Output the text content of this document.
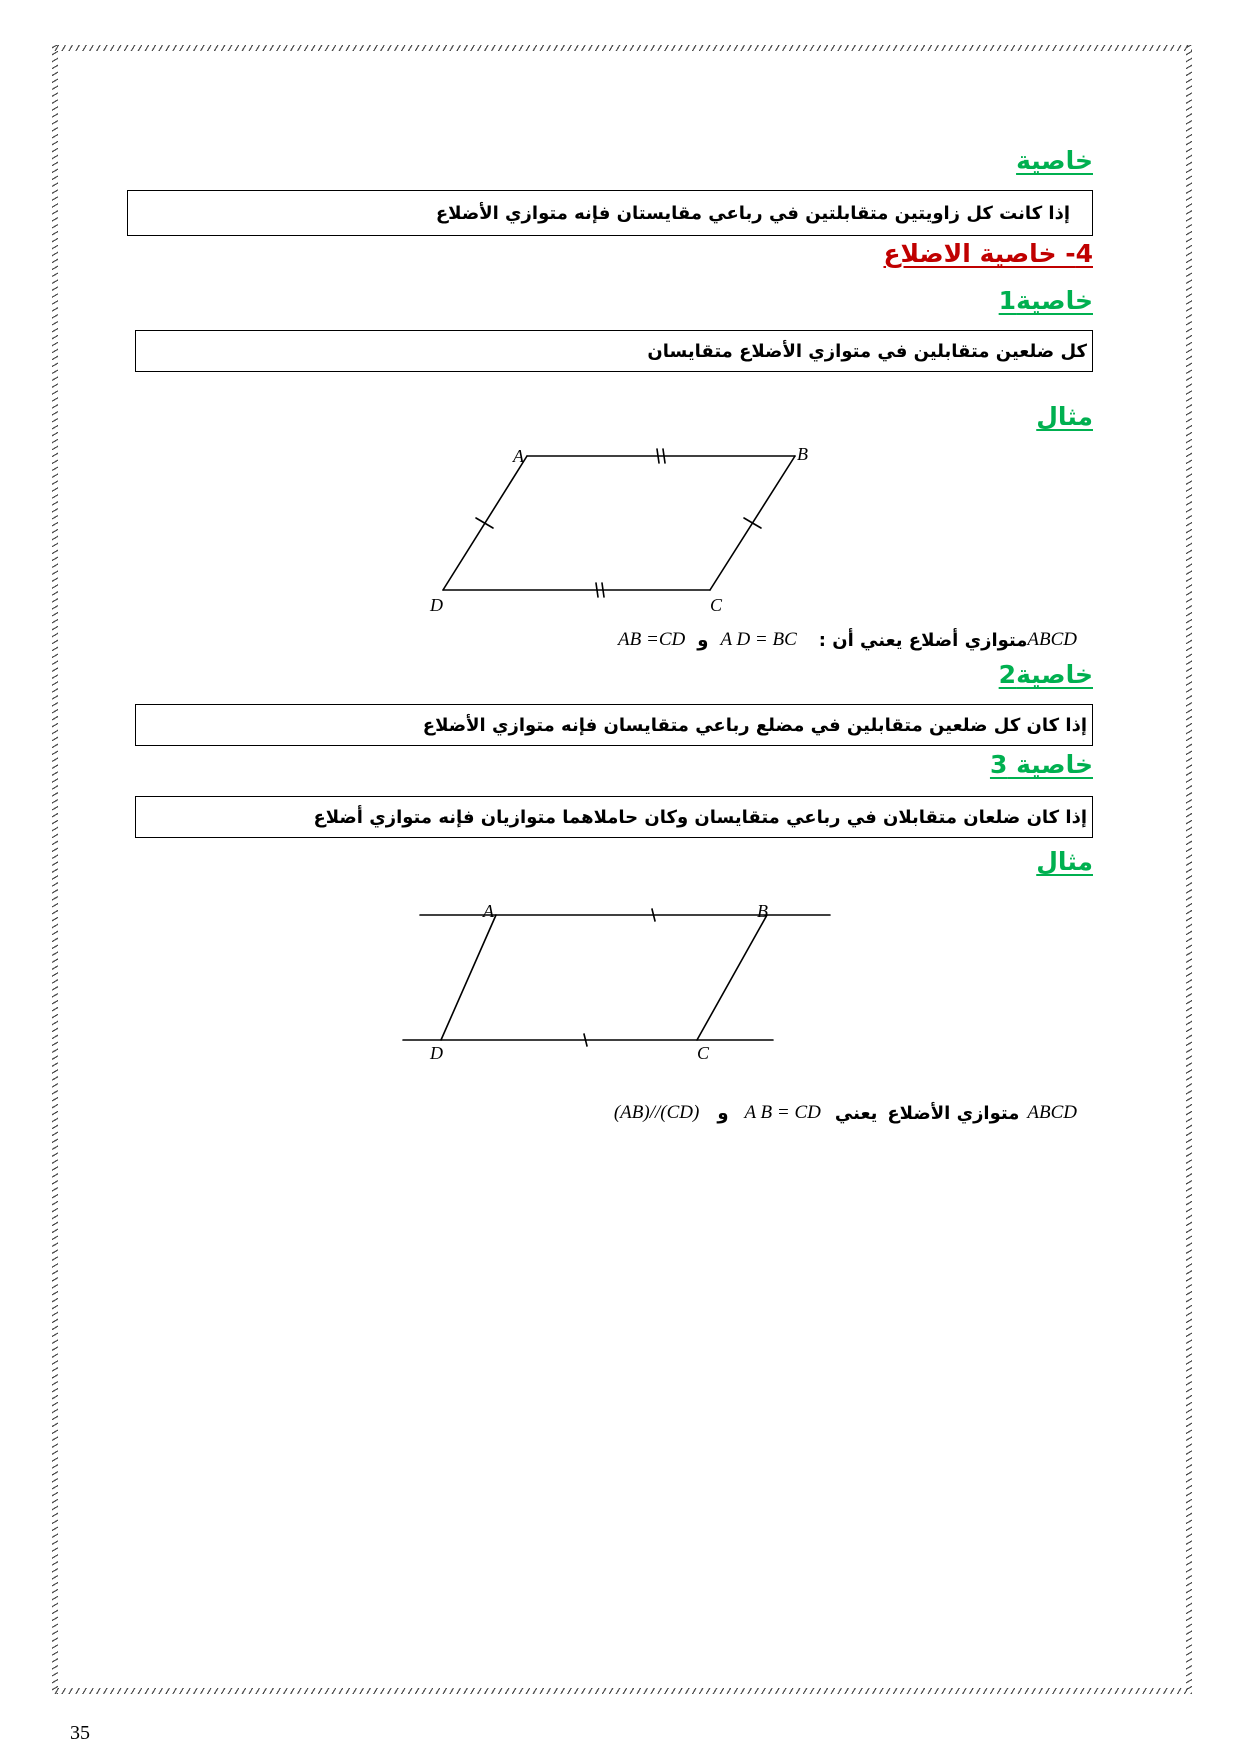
خاصية
إذا كانت كل زاويتين متقابلتين في رباعي مقايستان فإنه متوازي الأضلاع
4- خاصية الاضلاع
خاصية1
كل ضلعين متقابلين في متوازي الأضلاع متقايسان
مثال
A	B
C
D
ABCD
متوازي أضلاع يعني أن :
A D = BC
و
AB =CD
خاصية2
إذا كان كل ضلعين متقابلين في مضلع رباعي متقايسان فإنه متوازي الأضلاع
خاصية 3
إذا كان ضلعان متقابلان في رباعي متقايسان وكان حاملاهما متوازيان فإنه متوازي أضلاع
مثال
A	B
C
D
ABCD
متوازي الأضلاع
يعني
A B = CD
و
(AB)//(CD)
35
